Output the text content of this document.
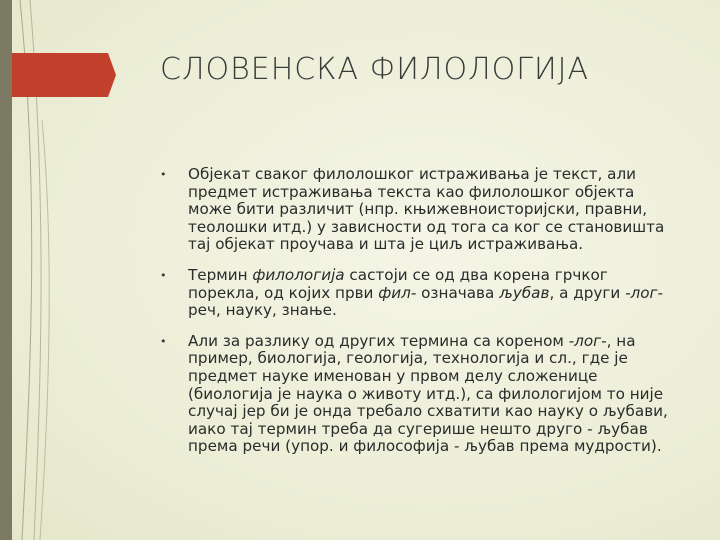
СЛОВЕНСКА ФИЛОЛОГИЈА
• Објекат сваког филолошког истраживања је текст, али предмет истраживања текста као филолошког објекта може бити различит (нпр. књижевноисторијски, правни, теолошки итд.) у зависности од тога са ког се становишта тај објекат проучава и шта је циљ истраживања.
• Термин филологија састоји се од два корена грчког порекла, од којих први фил- означава љубав, а други -лог- реч, науку, знање.
• Али за разлику од других термина са кореном -лог-, на пример, биологија, геологија, технологија и сл., где је предмет науке именован у првом делу сложенице (биологија је наука о животу итд.), са филологијом то није случај јер би је онда требало схватити као науку о љубави, иако тај термин треба да сугерише нешто друго - љубав према речи (упор. и философија - љубав према мудрости).
